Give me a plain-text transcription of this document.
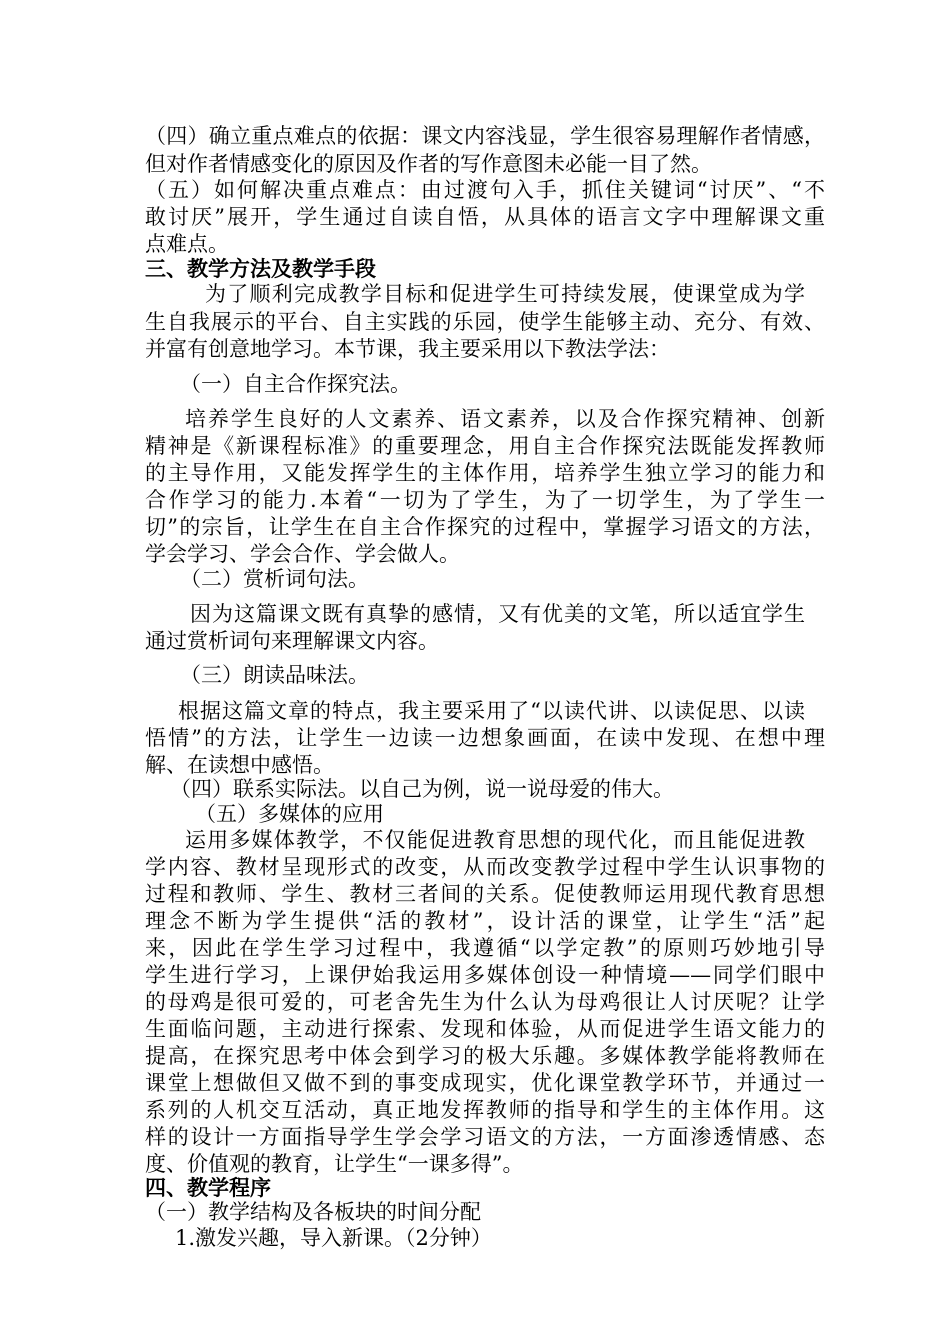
（四）确立重点难点的依据：课文内容浅显，学生很容易理解作者情感，
但对作者情感变化的原因及作者的写作意图未必能一目了然。
（五）如何解决重点难点：由过渡句入手，抓住关键词“讨厌”、“不
敢讨厌”展开，学生通过自读自悟，从具体的语言文字中理解课文重
点难点。
三、教学方法及教学手段
为了顺利完成教学目标和促进学生可持续发展，使课堂成为学
生自我展示的平台、自主实践的乐园，使学生能够主动、充分、有效、
并富有创意地学习。本节课，我主要采用以下教法学法：
（一）自主合作探究法。
培养学生良好的人文素养、语文素养，以及合作探究精神、创新
精神是《新课程标准》的重要理念，用自主合作探究法既能发挥教师
的主导作用，又能发挥学生的主体作用，培养学生独立学习的能力和
合作学习的能力.本着“一切为了学生，为了一切学生，为了学生一
切”的宗旨，让学生在自主合作探究的过程中，掌握学习语文的方法，
学会学习、学会合作、学会做人。
（二）赏析词句法。
因为这篇课文既有真挚的感情，又有优美的文笔，所以适宜学生
通过赏析词句来理解课文内容。
（三）朗读品味法。
根据这篇文章的特点，我主要采用了“以读代讲、以读促思、以读
悟情”的方法，让学生一边读一边想象画面，在读中发现、在想中理
解、在读想中感悟。
（四）联系实际法。以自己为例，说一说母爱的伟大。
（五）多媒体的应用
运用多媒体教学，不仅能促进教育思想的现代化，而且能促进教
学内容、教材呈现形式的改变，从而改变教学过程中学生认识事物的
过程和教师、学生、教材三者间的关系。促使教师运用现代教育思想
理念不断为学生提供“活的教材”，设计活的课堂，让学生“活”起
来，因此在学生学习过程中，我遵循“以学定教”的原则巧妙地引导
学生进行学习，上课伊始我运用多媒体创设一种情境——同学们眼中
的母鸡是很可爱的，可老舍先生为什么认为母鸡很让人讨厌呢？让学
生面临问题，主动进行探索、发现和体验，从而促进学生语文能力的
提高，在探究思考中体会到学习的极大乐趣。多媒体教学能将教师在
课堂上想做但又做不到的事变成现实，优化课堂教学环节，并通过一
系列的人机交互活动，真正地发挥教师的指导和学生的主体作用。这
样的设计一方面指导学生学会学习语文的方法，一方面渗透情感、态
度、价值观的教育，让学生“一课多得”。
四、教学程序
（一）教学结构及各板块的时间分配
1.激发兴趣，导入新课。（2分钟）
